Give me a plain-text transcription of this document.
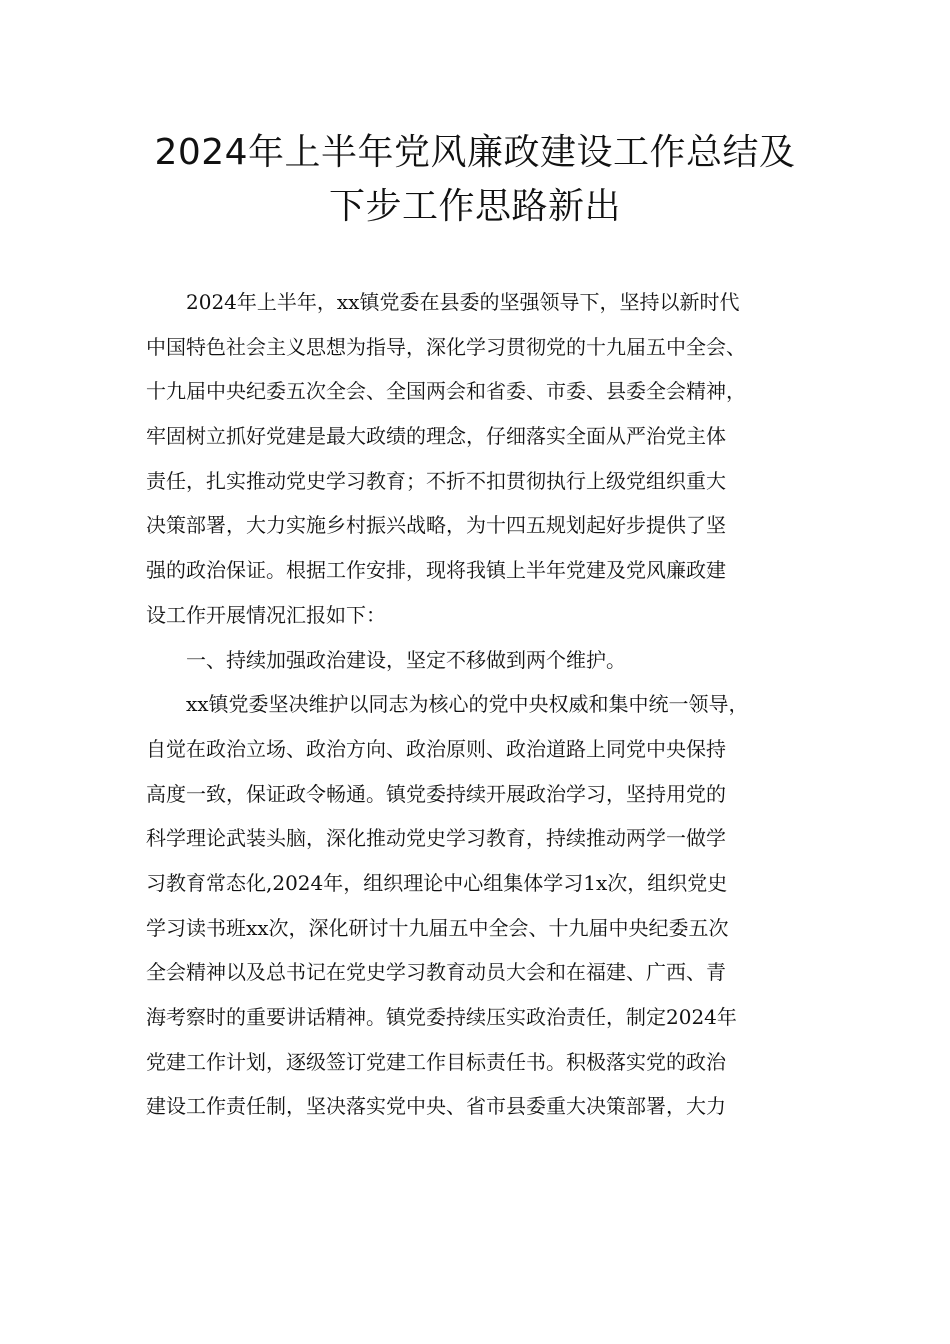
2024年上半年党风廉政建设工作总结及
下步工作思路新出
2024年上半年，xx镇党委在县委的坚强领导下，坚持以新时代
中国特色社会主义思想为指导，深化学习贯彻党的十九届五中全会、
十九届中央纪委五次全会、全国两会和省委、市委、县委全会精神，
牢固树立抓好党建是最大政绩的理念，仔细落实全面从严治党主体
责任，扎实推动党史学习教育；不折不扣贯彻执行上级党组织重大
决策部署，大力实施乡村振兴战略，为十四五规划起好步提供了坚
强的政治保证。根据工作安排，现将我镇上半年党建及党风廉政建
设工作开展情况汇报如下：
一、持续加强政治建设，坚定不移做到两个维护。
xx镇党委坚决维护以同志为核心的党中央权威和集中统一领导，
自觉在政治立场、政治方向、政治原则、政治道路上同党中央保持
高度一致，保证政令畅通。镇党委持续开展政治学习，坚持用党的
科学理论武装头脑，深化推动党史学习教育，持续推动两学一做学
习教育常态化,2024年，组织理论中心组集体学习1x次，组织党史
学习读书班xx次，深化研讨十九届五中全会、十九届中央纪委五次
全会精神以及总书记在党史学习教育动员大会和在福建、广西、青
海考察时的重要讲话精神。镇党委持续压实政治责任，制定2024年
党建工作计划，逐级签订党建工作目标责任书。积极落实党的政治
建设工作责任制，坚决落实党中央、省市县委重大决策部署，大力
